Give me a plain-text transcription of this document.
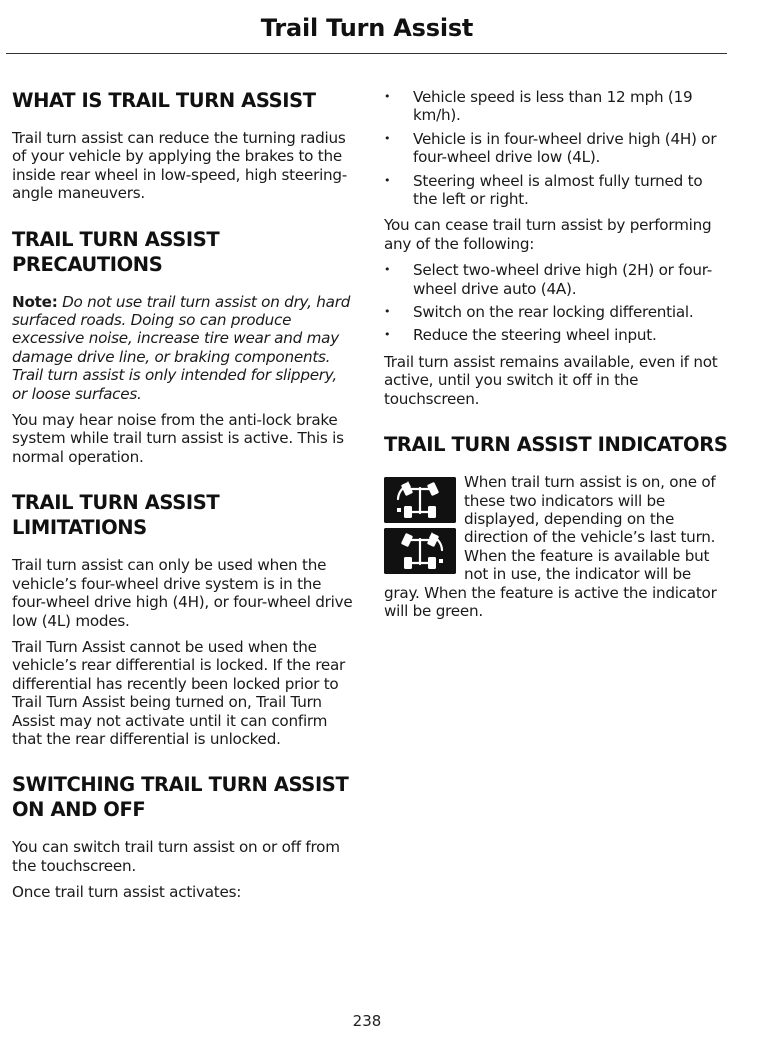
Trail Turn Assist
WHAT IS TRAIL TURN ASSIST

Trail turn assist can reduce the turning radius of your vehicle by applying the brakes to the inside rear wheel in low-speed, high steering-angle maneuvers.

TRAIL TURN ASSIST PRECAUTIONS

Note: Do not use trail turn assist on dry, hard surfaced roads. Doing so can produce excessive noise, increase tire wear and may damage drive line, or braking components. Trail turn assist is only intended for slippery, or loose surfaces.

You may hear noise from the anti-lock brake system while trail turn assist is active. This is normal operation.

TRAIL TURN ASSIST LIMITATIONS

Trail turn assist can only be used when the vehicle’s four-wheel drive system is in the four-wheel drive high (4H), or four-wheel drive low (4L) modes.

Trail Turn Assist cannot be used when the vehicle’s rear differential is locked. If the rear differential has recently been locked prior to Trail Turn Assist being turned on, Trail Turn Assist may not activate until it can confirm that the rear differential is unlocked.

SWITCHING TRAIL TURN ASSIST ON AND OFF

You can switch trail turn assist on or off from the touchscreen.

Once trail turn assist activates:

•	Vehicle speed is less than 12 mph (19 km/h).
•	Vehicle is in four-wheel drive high (4H) or four-wheel drive low (4L).
•	Steering wheel is almost fully turned to the left or right.

You can cease trail turn assist by performing any of the following:

•	Select two-wheel drive high (2H) or four-wheel drive auto (4A).
•	Switch on the rear locking differential.
•	Reduce the steering wheel input.

Trail turn assist remains available, even if not active, until you switch it off in the touchscreen.

TRAIL TURN ASSIST INDICATORS

When trail turn assist is on, one of these two indicators will be displayed, depending on the direction of the vehicle’s last turn. When the feature is available but not in use, the indicator will be gray. When the feature is active the indicator will be green.

238
